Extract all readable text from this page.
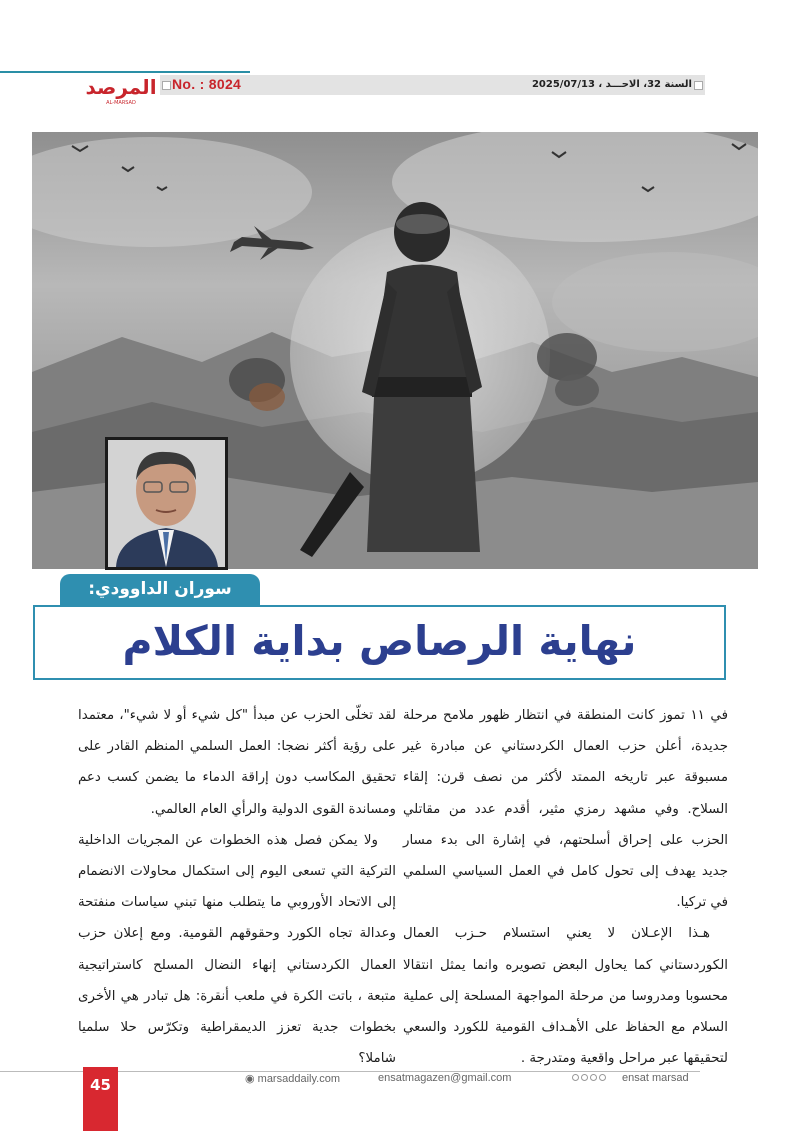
المرصد
AL-MARSAD
No. : 8024	السنة 32، الاحـــد ، 2025/07/13
سوران الداوودي:
نهاية الرصاص بداية الكلام

في ١١ تموز كانت المنطقة في انتظار ظهور ملامح مرحلة جديدة، أعلن حزب العمال الكردستاني عن مبادرة غير مسبوقة عبر تاريخه الممتد لأكثر من نصف قرن: إلقاء السلاح. وفي مشهد رمزي مثير، أقدم عدد من مقاتلي الحزب على إحراق أسلحتهم، في إشارة الى بدء مسار جديد يهدف إلى تحول كامل في العمل السياسي السلمي في تركيا.

هـذا الإعـلان لا يعني استسلام حـزب العمال الكوردستاني كما يحاول البعض تصويره وانما يمثل انتقالا محسوبا ومدروسا من مرحلة المواجهة المسلحة إلى عملية السلام مع الحفاظ على الأهـداف القومية للكورد والسعي لتحقيقها عبر مراحل واقعية ومتدرجة .

لقد تخلّى الحزب عن مبدأ "كل شيء أو لا شيء"، معتمدا على رؤية أكثر نضجا: العمل السلمي المنظم القادر على تحقيق المكاسب دون إراقة الدماء ما يضمن كسب دعم ومساندة القوى الدولية والرأي العام العالمي.

ولا يمكن فصل هذه الخطوات عن المجريات الداخلية التركية التي تسعى اليوم إلى استكمال محاولات الانضمام إلى الاتحاد الأوروبي ما يتطلب منها تبني سياسات منفتحة وعدالة تجاه الكورد وحقوقهم القومية. ومع إعلان حزب العمال الكردستاني إنهاء النضال المسلح كاستراتيجية متبعة ، باتت الكرة في ملعب أنقرة: هل تبادر هي الأخرى بخطوات جدية تعزز الديمقراطية وتكرّس حلا سلميا شاملا؟

45	◉ marsaddaily.com	ensatmagazen@gmail.com	ensat marsad
